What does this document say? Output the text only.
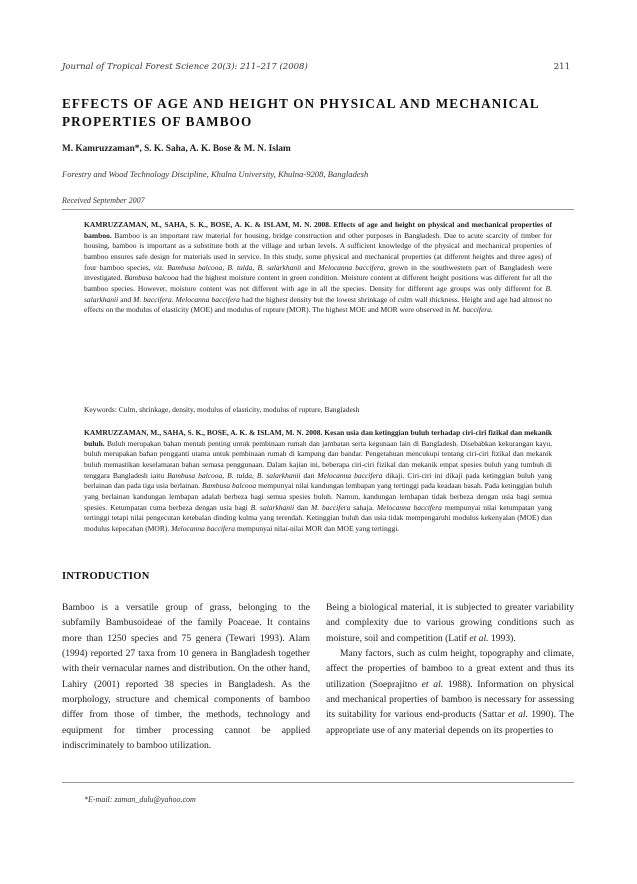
Journal of Tropical Forest Science 20(3): 211–217 (2008)	211
EFFECTS OF AGE AND HEIGHT ON PHYSICAL AND MECHANICAL PROPERTIES OF BAMBOO
M. Kamruzzaman*, S. K. Saha, A. K. Bose & M. N. Islam
Forestry and Wood Technology Discipline, Khulna University, Khulna-9208, Bangladesh
Received September 2007
KAMRUZZAMAN, M., SAHA, S. K., BOSE, A. K. & ISLAM, M. N. 2008. Effects of age and height on physical and mechanical properties of bamboo. Bamboo is an important raw material for housing, bridge construction and other purposes in Bangladesh. Due to acute scarcity of timber for housing, bamboo is important as a substitute both at the village and urban levels. A sufficient knowledge of the physical and mechanical properties of bamboo ensures safe design for materials used in service. In this study, some physical and mechanical properties (at different heights and three ages) of four bamboo species, viz. Bambusa balcooa, B. tulda, B. salarkhanii and Melocanna baccifera, grown in the southwestern part of Bangladesh were investigated. Bambusa balcooa had the highest moisture content in green condition. Moisture content at different height positions was different for all the bamboo species. However, moisture content was not different with age in all the species. Density for different age groups was only different for B. salarkhanii and M. baccifera. Melocanna baccifera had the highest density but the lowest shrinkage of culm wall thickness. Height and age had almost no effects on the modulus of elasticity (MOE) and modulus of rupture (MOR). The highest MOE and MOR were observed in M. baccifera.
Keywords: Culm, shrinkage, density, modulus of elasticity, modulus of rupture, Bangladesh
KAMRUZZAMAN, M., SAHA, S. K., BOSE, A. K. & ISLAM, M. N. 2008. Kesan usia dan ketinggian buluh terhadap ciri-ciri fizikal dan mekanik buluh. Buluh merupakan bahan mentah penting untuk pembinaan rumah dan jambatan serta kegunaan lain di Bangladesh. Disebabkan kekurangan kayu, buluh merupakan bahan pengganti utama untuk pembinaan rumah di kampung dan bandar. Pengetahuan mencukupi tentang ciri-ciri fizikal dan mekanik buluh memastikan keselamatan bahan semasa penggunaan. Dalam kajian ini, beberapa ciri-ciri fizikal dan mekanik empat spesies buluh yang tumbuh di tenggara Bangladesh iaitu Bambusa balcooa, B. tulda, B. salarkhanii dan Melocanna baccifera dikaji. Ciri-ciri ini dikaji pada ketinggian buluh yang berlainan dan pada tiga usia berlainan. Bambusa balcooa mempunyai nilai kandungan lembapan yang tertinggi pada keadaan basah. Pada ketinggian buluh yang berlainan kandungan lembapan adalah berbeza bagi semua spesies buluh. Namun, kandungan lembapan tidak berbeza dengan usia bagi semua spesies. Ketumpatan cuma berbeza dengan usia bagi B. salarkhanii dan M. baccifera sahaja. Melocanna baccifera mempunyai nilai ketumpatan yang tertinggi tetapi nilai pengecutan ketebalan dinding kulma yang terendah. Ketinggian buluh dan usia tidak mempengaruhi modulus kekenyalan (MOE) dan modulus kepecahan (MOR). Melocanna baccifera mempunyai nilai-nilai MOR dan MOE yang tertinggi.
INTRODUCTION

Bamboo is a versatile group of grass, belonging to the subfamily Bambusoideae of the family Poaceae. It contains more than 1250 species and 75 genera (Tewari 1993). Alam (1994) reported 27 taxa from 10 genera in Bangladesh together with their vernacular names and distribution. On the other hand, Lahiry (2001) reported 38 species in Bangladesh. As the morphology, structure and chemical components of bamboo differ from those of timber, the methods, technology and equipment for timber processing cannot be applied indiscriminately to bamboo utilization.

Being a biological material, it is subjected to greater variability and complexity due to various growing conditions such as moisture, soil and competition (Latif et al. 1993).

Many factors, such as culm height, topography and climate, affect the properties of bamboo to a great extent and thus its utilization (Soeprajitno et al. 1988). Information on physical and mechanical properties of bamboo is necessary for assessing its suitability for various end-products (Sattar et al. 1990). The appropriate use of any material depends on its properties to

*E-mail: zaman_dulu@yahoo.com
